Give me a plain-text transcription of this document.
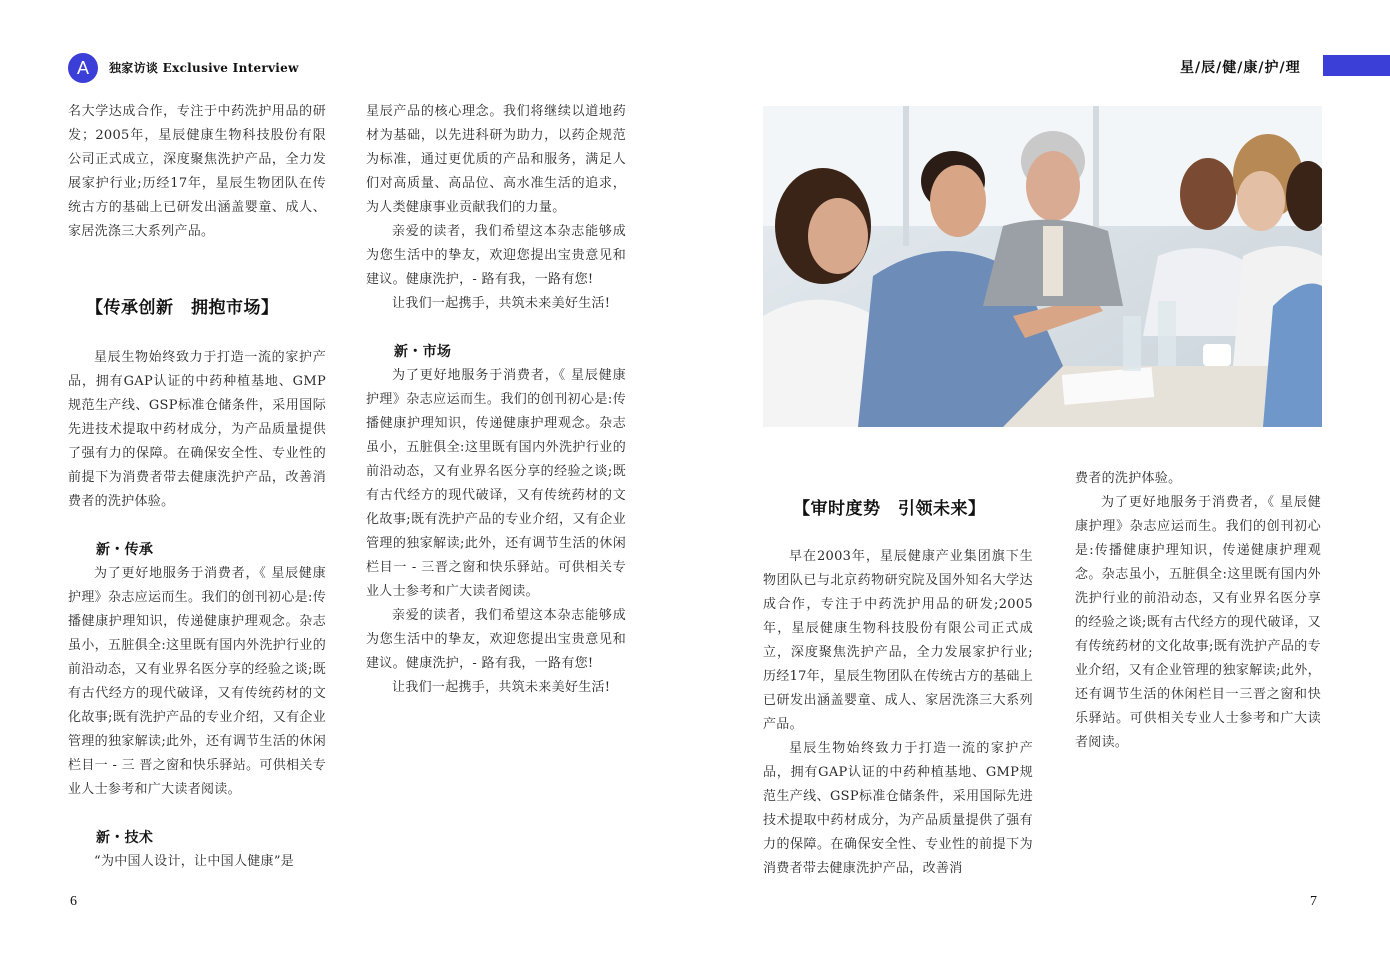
A	独家访谈 Exclusive Interview	星/辰/健/康/护/理

名大学达成合作，专注于中药洗护用品的研发；2005年，星辰健康生物科技股份有限公司正式成立，深度聚焦洗护产品，全力发展家护行业;历经17年，星辰生物团队在传统古方的基础上已研发出涵盖婴童、成人、家居洗涤三大系列产品。

【传承创新　拥抱市场】

星辰生物始终致力于打造一流的家护产品，拥有GAP认证的中药种植基地、GMP规范生产线、GSP标准仓储条件，采用国际先进技术提取中药材成分，为产品质量提供了强有力的保障。在确保安全性、专业性的前提下为消费者带去健康洗护产品，改善消费者的洗护体验。

新・传承

为了更好地服务于消费者，《 星辰健康护理》杂志应运而生。我们的创刊初心是:传播健康护理知识，传递健康护理观念。杂志虽小，五脏俱全:这里既有国内外洗护行业的前沿动态，又有业界名医分享的经验之谈;既有古代经方的现代破译，又有传统药材的文化故事;既有洗护产品的专业介绍，又有企业管理的独家解读;此外，还有调节生活的休闲栏目一 - 三 晋之窗和快乐驿站。可供相关专业人士参考和广大读者阅读。

新・技术

“为中国人设计，让中国人健康”是

星辰产品的核心理念。我们将继续以道地药材为基础，以先进科研为助力，以药企规范为标准，通过更优质的产品和服务，满足人们对高质量、高品位、高水准生活的追求，为人类健康事业贡献我们的力量。

亲爱的读者，我们希望这本杂志能够成为您生活中的挚友，欢迎您提出宝贵意见和建议。健康洗护，- 路有我，一路有您!

让我们一起携手，共筑未来美好生活!

新・市场

为了更好地服务于消费者，《 星辰健康护理》杂志应运而生。我们的创刊初心是:传播健康护理知识，传递健康护理观念。杂志虽小，五脏俱全:这里既有国内外洗护行业的前沿动态，又有业界名医分享的经验之谈;既有古代经方的现代破译，又有传统药材的文化故事;既有洗护产品的专业介绍，又有企业管理的独家解读;此外，还有调节生活的休闲栏目一 - 三晋之窗和快乐驿站。可供相关专业人士参考和广大读者阅读。

亲爱的读者，我们希望这本杂志能够成为您生活中的挚友，欢迎您提出宝贵意见和建议。健康洗护，- 路有我，一路有您!

让我们一起携手，共筑未来美好生活!

【审时度势　引领未来】

早在2003年，星辰健康产业集团旗下生物团队已与北京药物研究院及国外知名大学达成合作，专注于中药洗护用品的研发;2005年，星辰健康生物科技股份有限公司正式成立，深度聚焦洗护产品，全力发展家护行业;历经17年，星辰生物团队在传统古方的基础上已研发出涵盖婴童、成人、家居洗涤三大系列产品。

星辰生物始终致力于打造一流的家护产品，拥有GAP认证的中药种植基地、GMP规范生产线、GSP标准仓储条件，采用国际先进技术提取中药材成分，为产品质量提供了强有力的保障。在确保安全性、专业性的前提下为消费者带去健康洗护产品，改善消

费者的洗护体验。

为了更好地服务于消费者，《 星辰健康护理》杂志应运而生。我们的创刊初心是:传播健康护理知识，传递健康护理观念。杂志虽小，五脏俱全:这里既有国内外洗护行业的前沿动态，又有业界名医分享的经验之谈;既有古代经方的现代破译，又有传统药材的文化故事;既有洗护产品的专业介绍，又有企业管理的独家解读;此外，还有调节生活的休闲栏目一三晋之窗和快乐驿站。可供相关专业人士参考和广大读者阅读。

6	7
